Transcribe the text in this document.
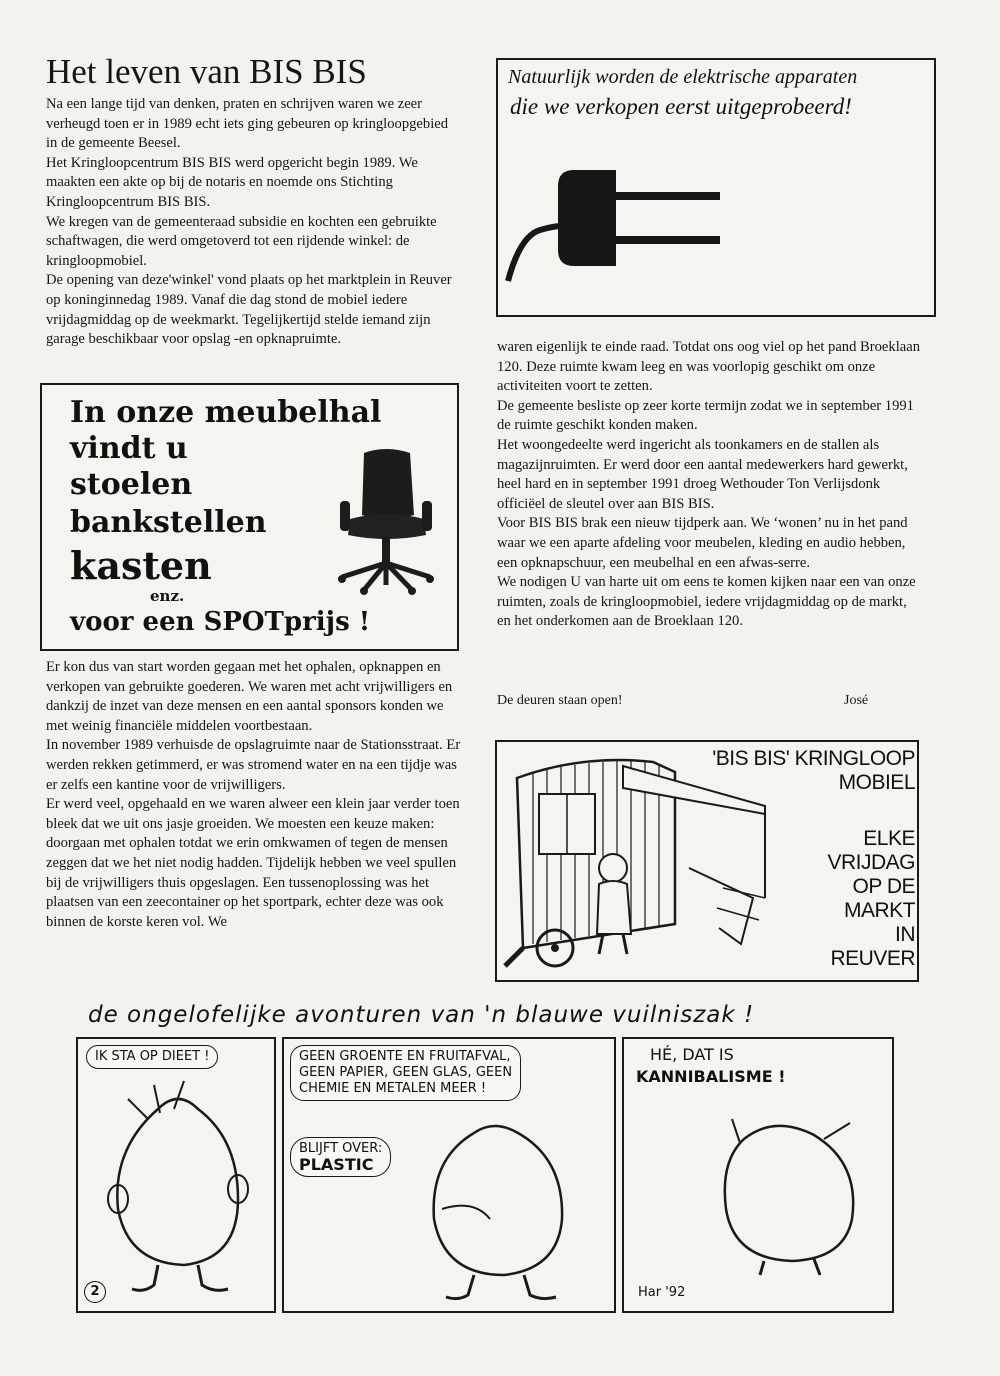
Het leven van BIS BIS

Na een lange tijd van denken, praten en schrijven waren we zeer verheugd toen er in 1989 echt iets ging gebeuren op kringloopgebied in de gemeente Beesel.

Het Kringloopcentrum BIS BIS werd opgericht begin 1989. We maakten een akte op bij de notaris en noemde ons Stichting Kringloopcentrum BIS BIS.

We kregen van de gemeenteraad subsidie en kochten een gebruikte schaftwagen, die werd omgetoverd tot een rijdende winkel: de kringloopmobiel.

De opening van deze'winkel' vond plaats op het marktplein in Reuver op koninginnedag 1989. Vanaf die dag stond de mobiel iedere vrijdagmiddag op de weekmarkt. Tegelijkertijd stelde iemand zijn garage beschikbaar voor opslag -en opknapruimte.

In onze meubelhal

vindt u

stoelen

bankstellen

kasten

enz.

voor een SPOTprijs !

Er kon dus van start worden gegaan met het ophalen, opknappen en verkopen van gebruikte goederen. We waren met acht vrijwilligers en dankzij de inzet van deze mensen en een aantal sponsors konden we met weinig financiële middelen voortbestaan.

In november 1989 verhuisde de opslagruimte naar de Stationsstraat. Er werden rekken getimmerd, er was stromend water en na een tijdje was er zelfs een kantine voor de vrijwilligers.

Er werd veel, opgehaald en we waren alweer een klein jaar verder toen bleek dat we uit ons jasje groeiden. We moesten een keuze maken: doorgaan met ophalen totdat we erin omkwamen of tegen de mensen zeggen dat we het niet nodig hadden. Tijdelijk hebben we veel spullen bij de vrijwilligers thuis opgeslagen. Een tussenoplossing was het plaatsen van een zeecontainer op het sportpark, echter deze was ook binnen de korste keren vol. We

Natuurlijk worden de elektrische apparaten

die we verkopen eerst uitgeprobeerd!

waren eigenlijk te einde raad. Totdat ons oog viel op het pand Broeklaan 120. Deze ruimte kwam leeg en was voorlopig geschikt om onze activiteiten voort te zetten.

De gemeente besliste op zeer korte termijn zodat we in september 1991 de ruimte geschikt konden maken.

Het woongedeelte werd ingericht als toonkamers en de stallen als magazijnruimten. Er werd door een aantal medewerkers hard gewerkt, heel hard en in september 1991 droeg Wethouder Ton Verlijsdonk officiëel de sleutel over aan BIS BIS.

Voor BIS BIS brak een nieuw tijdperk aan. We ‘wonen’ nu in het pand waar we een aparte afdeling voor meubelen, kleding en audio hebben, een opknapschuur, een meubelhal en een afwas-serre.

We nodigen U van harte uit om eens te komen kijken naar een van onze ruimten, zoals de kringloopmobiel, iedere vrijdagmiddag op de markt, en het onderkomen aan de Broeklaan 120.

De deuren staan open!	José

'BIS BIS' KRINGLOOP

MOBIEL

ELKE

VRIJDAG

OP DE

MARKT

IN

REUVER

de ongelofelijke avonturen van 'n blauwe vuilniszak !

IK STA OP DIEET !
2
GEEN GROENTE EN FRUITAFVAL,
GEEN PAPIER, GEEN GLAS, GEEN
CHEMIE EN METALEN MEER !
BLIJFT OVER:
PLASTIC
HÉ, DAT IS
KANNIBALISME !
Har '92
